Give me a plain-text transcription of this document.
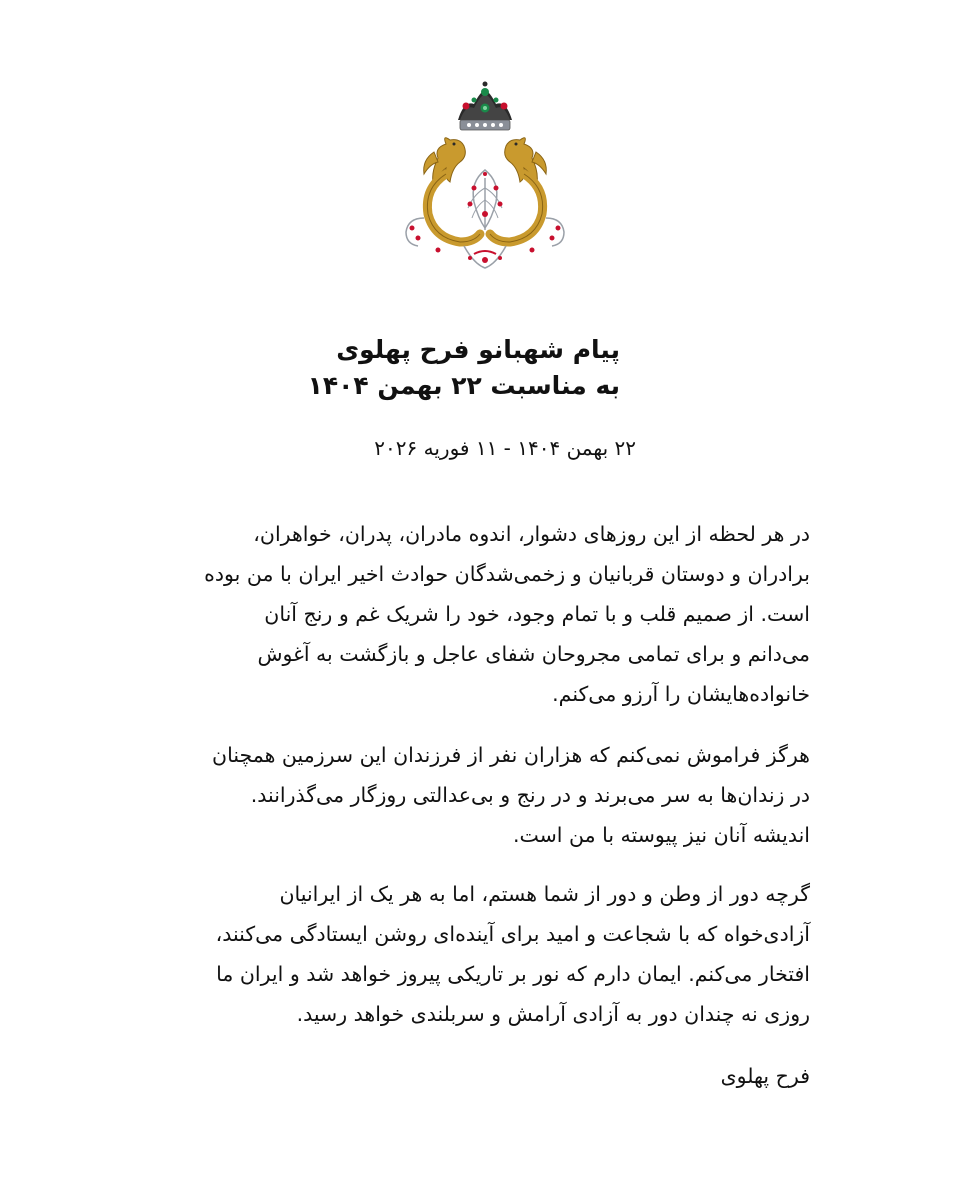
پیام شهبانو فرح پهلوی
به مناسبت ۲۲ بهمن ۱۴۰۴
۲۲ بهمن ۱۴۰۴ - ۱۱ فوریه ۲۰۲۶
در هر لحظه از این روزهای دشوار، اندوه مادران، پدران، خواهران،
برادران و دوستان قربانیان و زخمی‌شدگان حوادث اخیر ایران با من بوده
است. از صمیم قلب و با تمام وجود، خود را شریک غم و رنج آنان
می‌دانم و برای تمامی مجروحان شفای عاجل و بازگشت به آغوش
خانواده‌هایشان را آرزو می‌کنم.
هرگز فراموش نمی‌کنم که هزاران نفر از فرزندان این سرزمین همچنان
در زندان‌ها به سر می‌برند و در رنج و بی‌عدالتی روزگار می‌گذرانند.
اندیشه آنان نیز پیوسته با من است.
گرچه دور از وطن و دور از شما هستم، اما به هر یک از ایرانیان
آزادی‌خواه که با شجاعت و امید برای آینده‌ای روشن ایستادگی می‌کنند،
افتخار می‌کنم. ایمان دارم که نور بر تاریکی پیروز خواهد شد و ایران ما
روزی نه چندان دور به آزادی آرامش و سربلندی خواهد رسید.
فرح پهلوی
